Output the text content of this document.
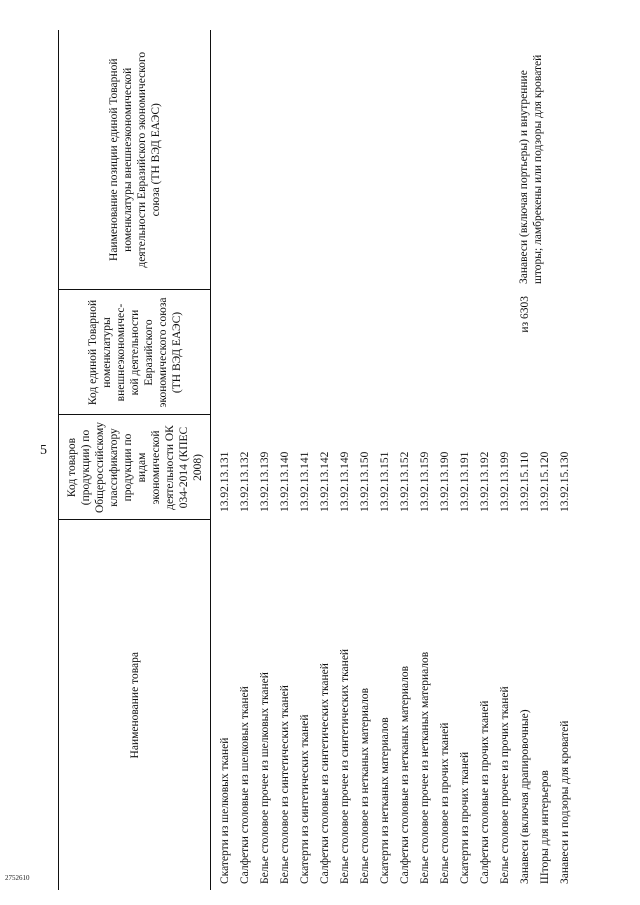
5
Наименование товара	Код товаров (продукции) по Общероссийскому классификатору продукции по видам экономической деятельности ОК 034-2014 (КПЕС 2008)	Код единой Товарной номенклатуры внешнеэкономичес-кой деятельности Евразийского экономического союза (ТН ВЭД ЕАЭС)	Наименование позиции единой Товарной номенклатуры внешнеэкономической деятельности Евразийского экономического союза (ТН ВЭД ЕАЭС)
Скатерти из шелковых тканей	13.92.13.131		
Салфетки столовые из шелковых тканей	13.92.13.132		
Белье столовое прочее из шелковых тканей	13.92.13.139		
Белье столовое из синтетических тканей	13.92.13.140		
Скатерти из синтетических тканей	13.92.13.141		
Салфетки столовые из синтетических тканей	13.92.13.142		
Белье столовое прочее из синтетических тканей	13.92.13.149		
Белье столовое из нетканых материалов	13.92.13.150		
Скатерти из нетканых материалов	13.92.13.151		
Салфетки столовые из нетканых материалов	13.92.13.152		
Белье столовое прочее из нетканых материалов	13.92.13.159		
Белье столовое из прочих тканей	13.92.13.190		
Скатерти из прочих тканей	13.92.13.191		
Салфетки столовые из прочих тканей	13.92.13.192		
Белье столовое прочее из прочих тканей	13.92.13.199		
Занавеси (включая драпировочные)	13.92.15.110	из 6303	Занавеси (включая портьеры) и внутренние шторы; ламбрекены или подзоры для кроватей
Шторы для интерьеров	13.92.15.120		
Занавеси и подзоры для кроватей	13.92.15.130		
2752610
